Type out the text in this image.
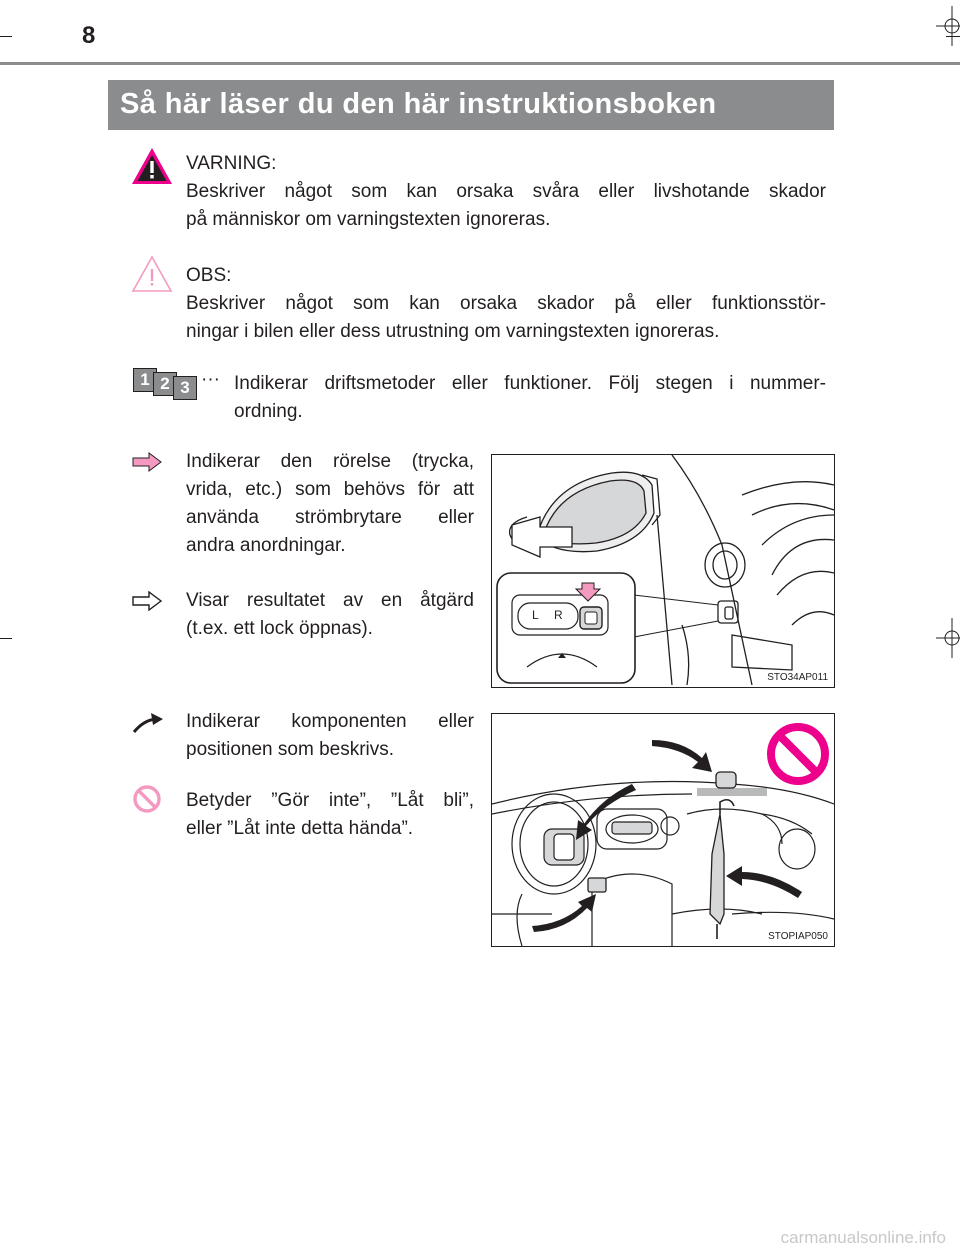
8
Så här läser du den här instruktionsboken
VARNING:
Beskriver något som kan orsaka svåra eller livshotande skador
på människor om varningstexten ignoreras.
OBS:
Beskriver något som kan orsaka skador på eller funktionsstör-
ningar i bilen eller dess utrustning om varningstexten ignoreras.
1 2 3 ··· Indikerar driftsmetoder eller funktioner. Följ stegen i nummer-
ordning.
Indikerar den rörelse (trycka,
vrida, etc.) som behövs för att
använda strömbrytare eller
andra anordningar.
Visar resultatet av en åtgärd
(t.ex. ett lock öppnas).
Indikerar komponenten eller
positionen som beskrivs.
Betyder ”Gör inte”, ”Låt bli”,
eller ”Låt inte detta hända”.
L R
STO34AP011
STOPIAP050
carmanualsonline.info
